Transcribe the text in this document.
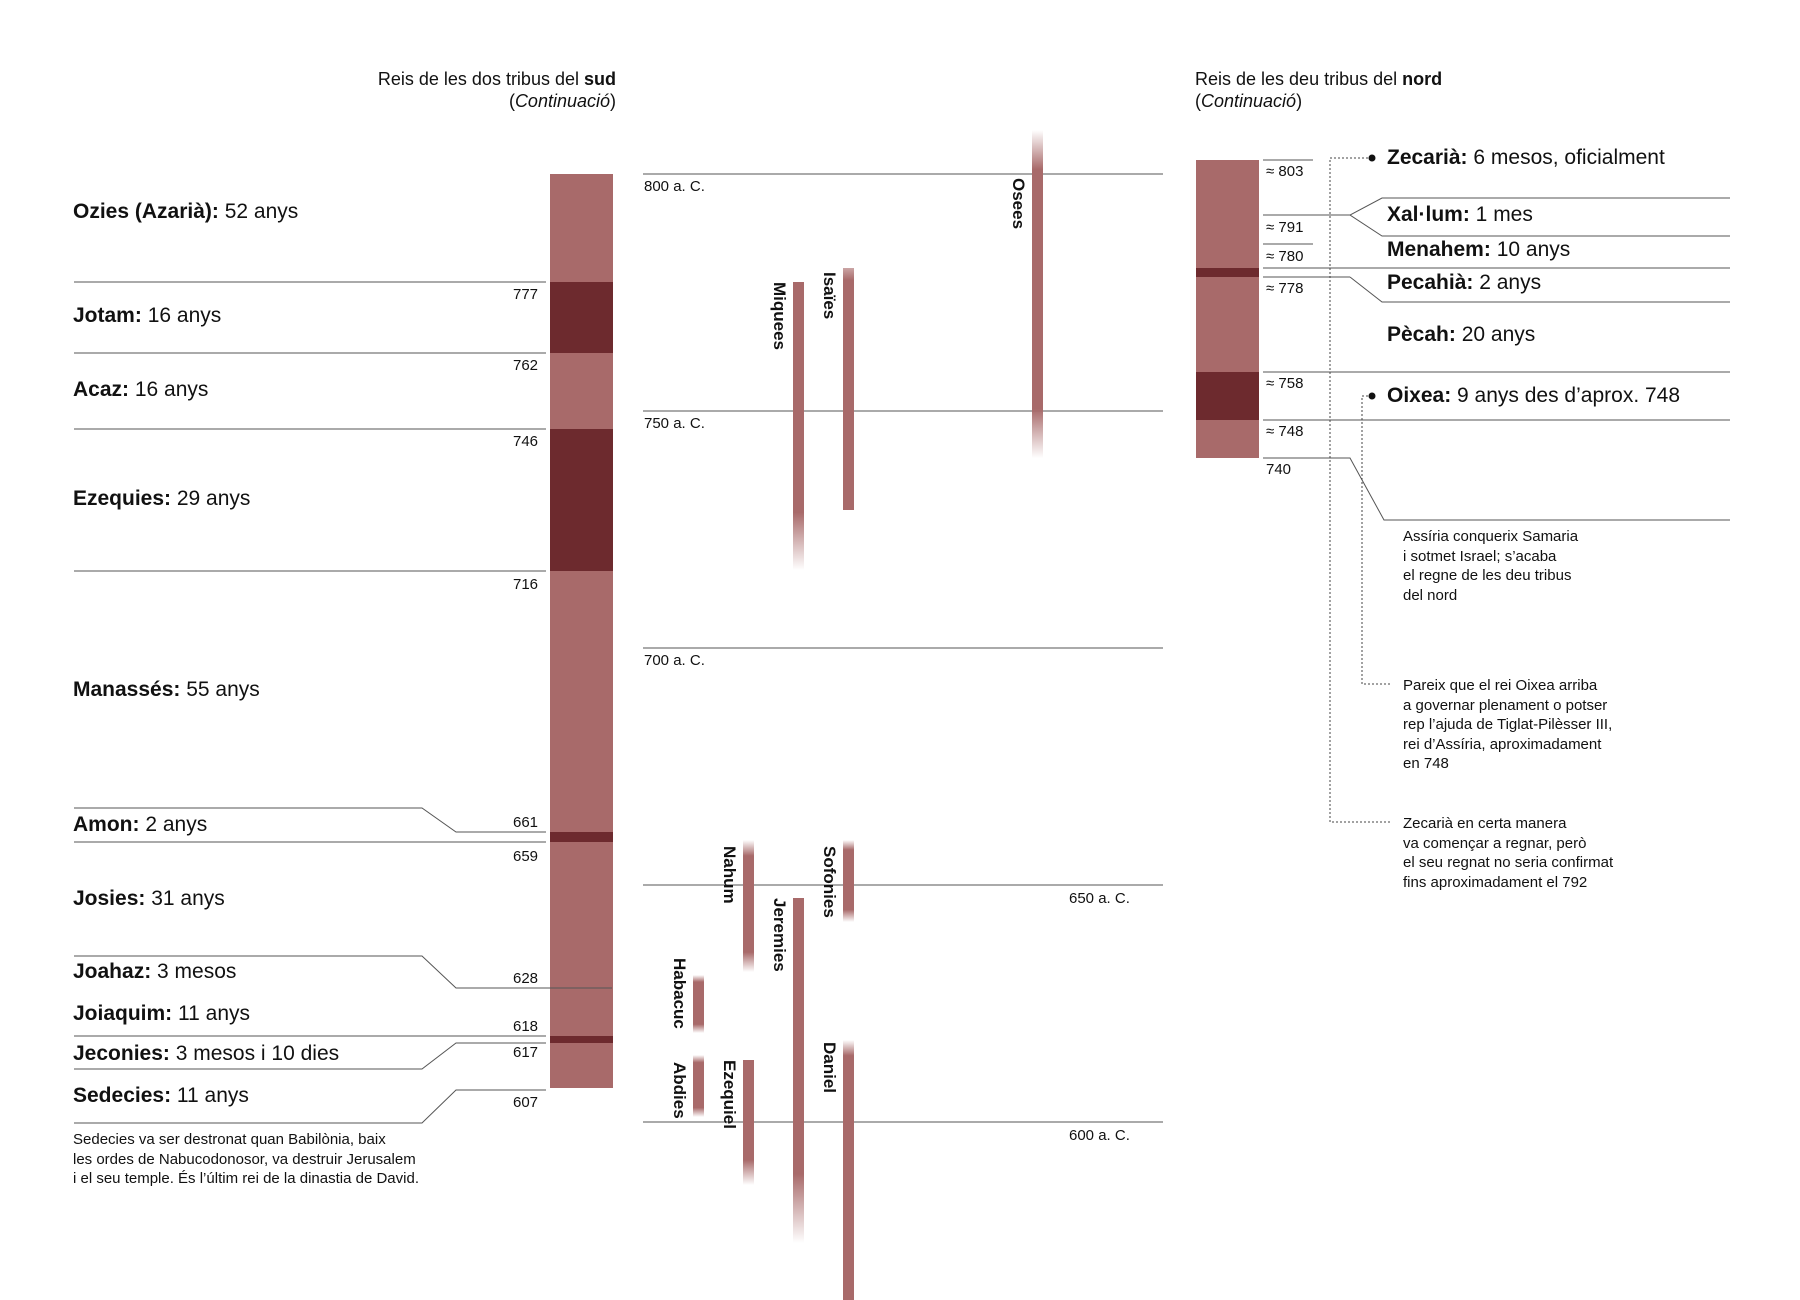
Reis de les dos tribus del sud
(Continuació)
Reis de les deu tribus del nord
(Continuació)
Ozies (Azarià): 52 anys
Jotam: 16 anys
Acaz: 16 anys
Ezequies: 29 anys
Manassés: 55 anys
Amon: 2 anys
Josies: 31 anys
Joahaz: 3 mesos
Joiaquim: 11 anys
Jeconies: 3 mesos i 10 dies
Sedecies: 11 anys
777
762
746
716
661
659
628
618
617
607
Sedecies va ser destronat quan Babilònia, baix
les ordes de Nabucodonosor, va destruir Jerusalem
i el seu temple. És l’últim rei de la dinastia de David.
800 a. C.
750 a. C.
700 a. C.
650 a. C.
600 a. C.
Osees
Miquees Isaïes
Nahum	Sofonies
Jeremies
Habacuc
Abdies Ezequiel	Daniel
Zecarià: 6 mesos, oficialment
Xal·lum: 1 mes
Menahem: 10 anys
Pecahià: 2 anys
Pècah: 20 anys
Oixea: 9 anys des d’aprox. 748
≈ 803
≈ 791
≈ 780
≈ 778
≈ 758
≈ 748
740
Assíria conquerix Samaria
i sotmet Israel; s’acaba
el regne de les deu tribus
del nord
Pareix que el rei Oixea arriba
a governar plenament o potser
rep l’ajuda de Tiglat-Pilèsser III,
rei d’Assíria, aproximadament
en 748
Zecarià en certa manera
va començar a regnar, però
el seu regnat no seria confirmat
fins aproximadament el 792
